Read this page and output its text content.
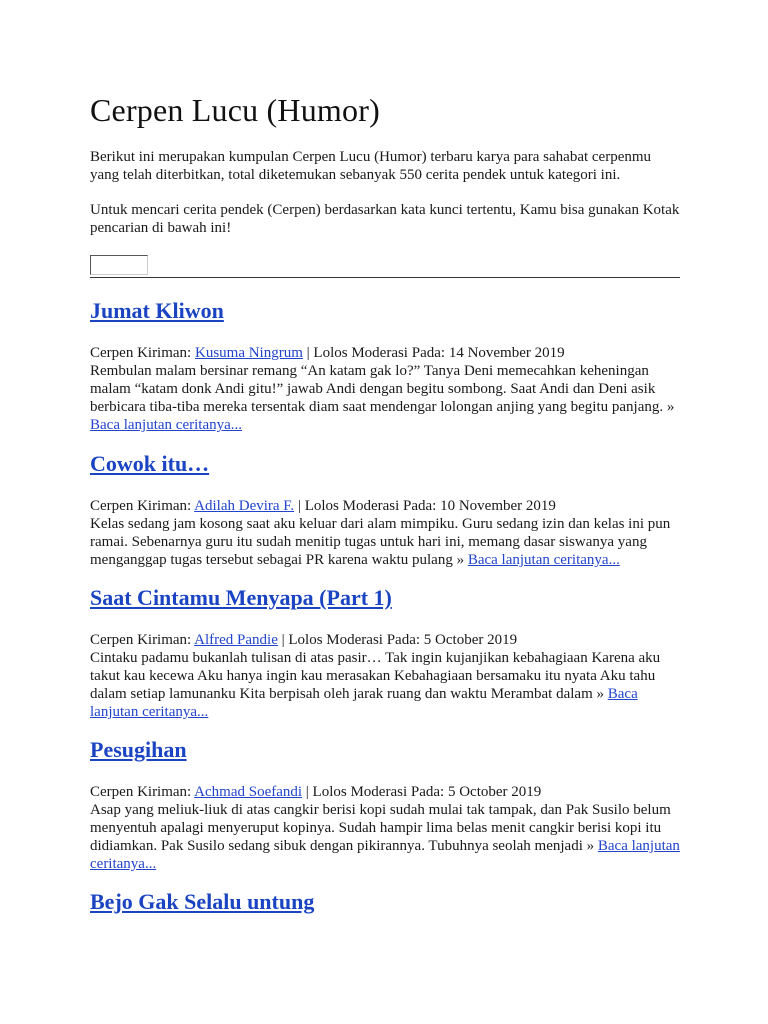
Cerpen Lucu (Humor)

Berikut ini merupakan kumpulan Cerpen Lucu (Humor) terbaru karya para sahabat cerpenmu yang telah diterbitkan, total diketemukan sebanyak 550 cerita pendek untuk kategori ini.

Untuk mencari cerita pendek (Cerpen) berdasarkan kata kunci tertentu, Kamu bisa gunakan Kotak pencarian di bawah ini!

Jumat Kliwon

Cerpen Kiriman: Kusuma Ningrum | Lolos Moderasi Pada: 14 November 2019

Rembulan malam bersinar remang “An katam gak lo?” Tanya Deni memecahkan keheningan malam “katam donk Andi gitu!” jawab Andi dengan begitu sombong. Saat Andi dan Deni asik berbicara tiba-tiba mereka tersentak diam saat mendengar lolongan anjing yang begitu panjang. » Baca lanjutan ceritanya...

Cowok itu…

Cerpen Kiriman: Adilah Devira F. | Lolos Moderasi Pada: 10 November 2019

Kelas sedang jam kosong saat aku keluar dari alam mimpiku. Guru sedang izin dan kelas ini pun ramai. Sebenarnya guru itu sudah menitip tugas untuk hari ini, memang dasar siswanya yang menganggap tugas tersebut sebagai PR karena waktu pulang » Baca lanjutan ceritanya...

Saat Cintamu Menyapa (Part 1)

Cerpen Kiriman: Alfred Pandie | Lolos Moderasi Pada: 5 October 2019

Cintaku padamu bukanlah tulisan di atas pasir… Tak ingin kujanjikan kebahagiaan Karena aku takut kau kecewa Aku hanya ingin kau merasakan Kebahagiaan bersamaku itu nyata Aku tahu dalam setiap lamunanku Kita berpisah oleh jarak ruang dan waktu Merambat dalam » Baca lanjutan ceritanya...

Pesugihan

Cerpen Kiriman: Achmad Soefandi | Lolos Moderasi Pada: 5 October 2019

Asap yang meliuk-liuk di atas cangkir berisi kopi sudah mulai tak tampak, dan Pak Susilo belum menyentuh apalagi menyeruput kopinya. Sudah hampir lima belas menit cangkir berisi kopi itu didiamkan. Pak Susilo sedang sibuk dengan pikirannya. Tubuhnya seolah menjadi » Baca lanjutan ceritanya...

Bejo Gak Selalu untung
